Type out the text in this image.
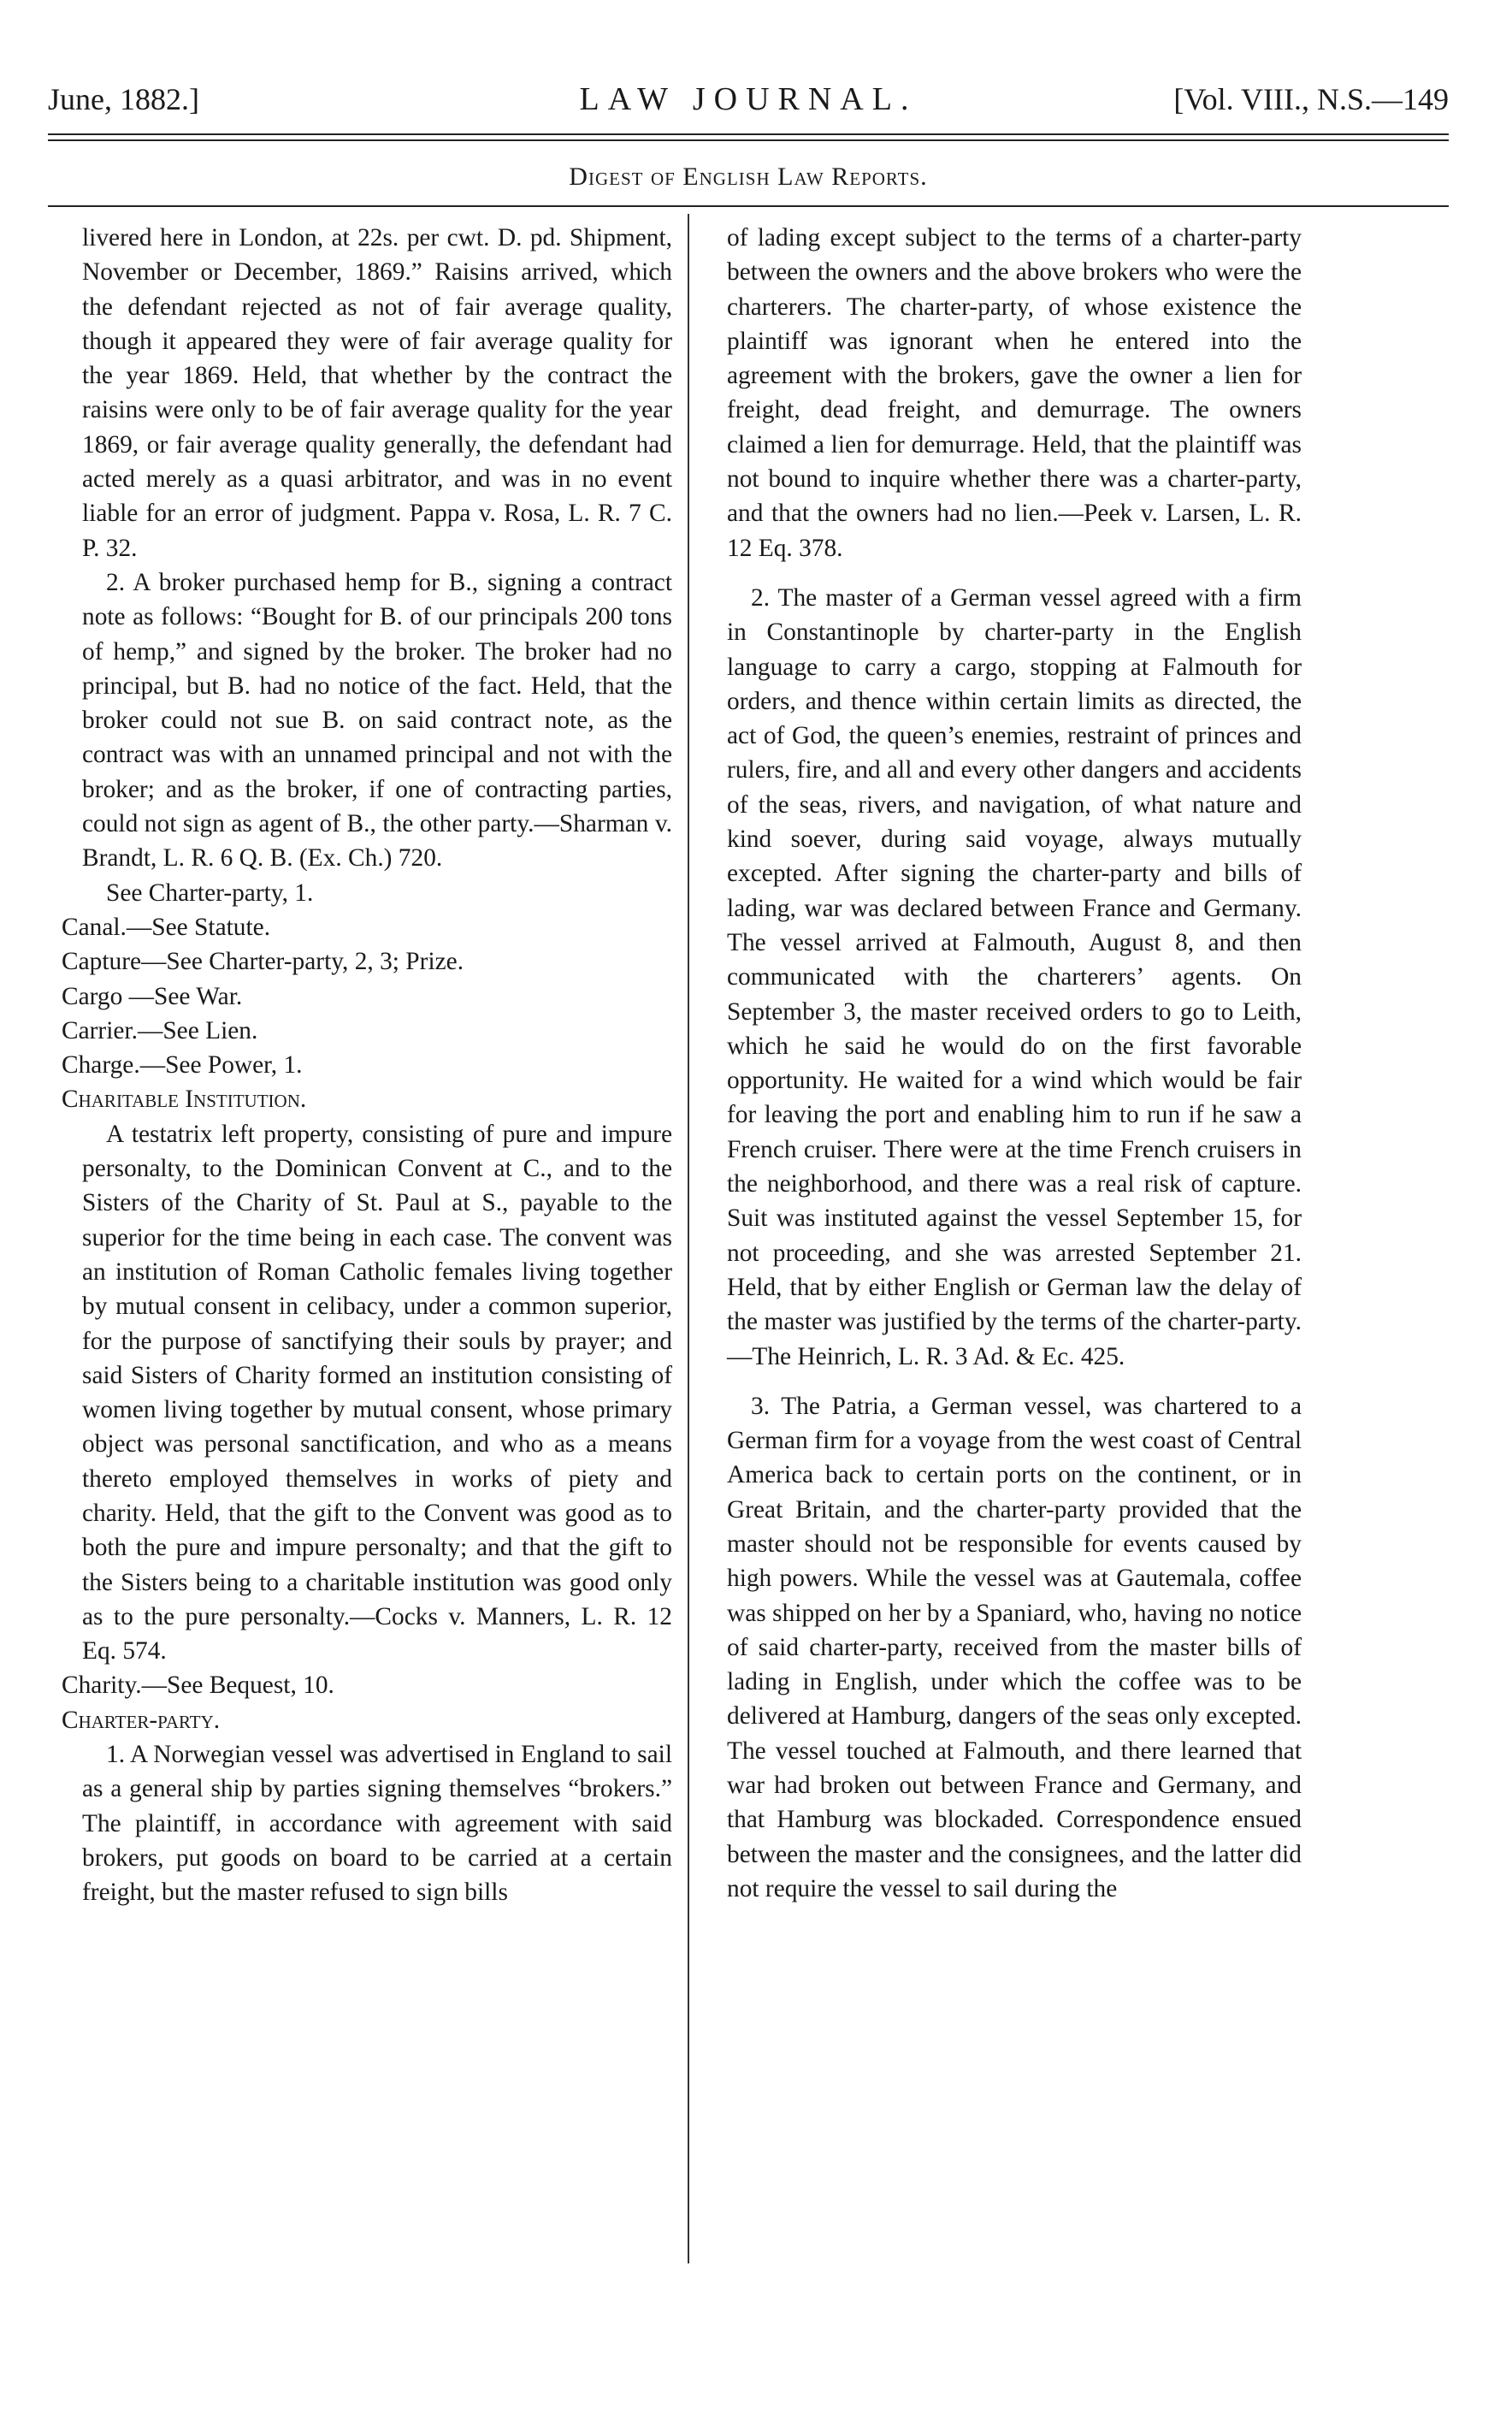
June, 1882.]	LAW JOURNAL.	[Vol. VIII., N.S.—149
Digest of English Law Reports.

livered here in London, at 22s. per cwt. D. pd. Shipment, November or December, 1869.” Raisins arrived, which the defendant rejected as not of fair average quality, though it appeared they were of fair average quality for the year 1869. Held, that whether by the contract the raisins were only to be of fair average quality for the year 1869, or fair average quality generally, the defendant had acted merely as a quasi arbitrator, and was in no event liable for an error of judgment. Pappa v. Rosa, L. R. 7 C. P. 32.

2. A broker purchased hemp for B., signing a contract note as follows: “Bought for B. of our principals 200 tons of hemp,” and signed by the broker. The broker had no principal, but B. had no notice of the fact. Held, that the broker could not sue B. on said contract note, as the contract was with an unnamed principal and not with the broker; and as the broker, if one of contracting parties, could not sign as agent of B., the other party.—Sharman v. Brandt, L. R. 6 Q. B. (Ex. Ch.) 720.

See Charter-party, 1.

Canal.—See Statute.

Capture—See Charter-party, 2, 3; Prize.

Cargo —See War.

Carrier.—See Lien.

Charge.—See Power, 1.

Charitable Institution.

A testatrix left property, consisting of pure and impure personalty, to the Dominican Convent at C., and to the Sisters of the Charity of St. Paul at S., payable to the superior for the time being in each case. The convent was an institution of Roman Catholic females living together by mutual consent in celibacy, under a common superior, for the purpose of sanctifying their souls by prayer; and said Sisters of Charity formed an institution consisting of women living together by mutual consent, whose primary object was personal sanctification, and who as a means thereto employed themselves in works of piety and charity. Held, that the gift to the Convent was good as to both the pure and impure personalty; and that the gift to the Sisters being to a charitable institution was good only as to the pure personalty.—Cocks v. Manners, L. R. 12 Eq. 574.

Charity.—See Bequest, 10.

Charter-party.

1. A Norwegian vessel was advertised in England to sail as a general ship by parties signing themselves “brokers.” The plaintiff, in accordance with agreement with said brokers, put goods on board to be carried at a certain freight, but the master refused to sign bills

of lading except subject to the terms of a charter-party between the owners and the above brokers who were the charterers. The charter-party, of whose existence the plaintiff was ignorant when he entered into the agreement with the brokers, gave the owner a lien for freight, dead freight, and demurrage. The owners claimed a lien for demurrage. Held, that the plaintiff was not bound to inquire whether there was a charter-party, and that the owners had no lien.—Peek v. Larsen, L. R. 12 Eq. 378.

2. The master of a German vessel agreed with a firm in Constantinople by charter-party in the English language to carry a cargo, stopping at Falmouth for orders, and thence within certain limits as directed, the act of God, the queen’s enemies, restraint of princes and rulers, fire, and all and every other dangers and accidents of the seas, rivers, and navigation, of what nature and kind soever, during said voyage, always mutually excepted. After signing the charter-party and bills of lading, war was declared between France and Germany. The vessel arrived at Falmouth, August 8, and then communicated with the charterers’ agents. On September 3, the master received orders to go to Leith, which he said he would do on the first favorable opportunity. He waited for a wind which would be fair for leaving the port and enabling him to run if he saw a French cruiser. There were at the time French cruisers in the neighborhood, and there was a real risk of capture. Suit was instituted against the vessel September 15, for not proceeding, and she was arrested September 21. Held, that by either English or German law the delay of the master was justified by the terms of the charter-party.—The Heinrich, L. R. 3 Ad. & Ec. 425.

3. The Patria, a German vessel, was chartered to a German firm for a voyage from the west coast of Central America back to certain ports on the continent, or in Great Britain, and the charter-party provided that the master should not be responsible for events caused by high powers. While the vessel was at Gautemala, coffee was shipped on her by a Spaniard, who, having no notice of said charter-party, received from the master bills of lading in English, under which the coffee was to be delivered at Hamburg, dangers of the seas only excepted. The vessel touched at Falmouth, and there learned that war had broken out between France and Germany, and that Hamburg was blockaded. Correspondence ensued between the master and the consignees, and the latter did not require the vessel to sail during the
